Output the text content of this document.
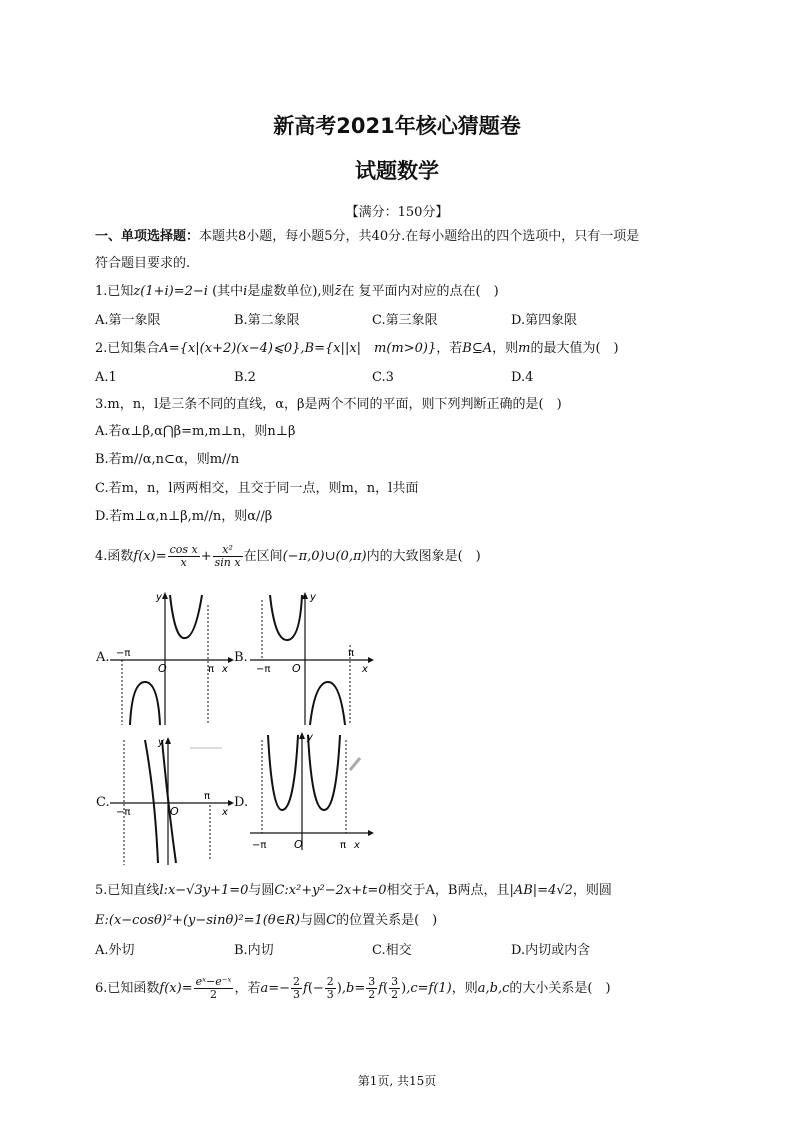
新高考2021年核心猜题卷
试题数学
【满分：150分】
一、单项选择题：本题共8小题，每小题5分，共40分.在每小题给出的四个选项中，只有一项是
符合题目要求的.
1.已知z(1+i)=2−i (其中i是虚数单位),则z̄在 复平面内对应的点在(　)
A.第一象限	B.第二象限	C.第三象限	D.第四象限
2.已知集合A={x|(x+2)(x−4)⩽0},B={x||x|　m(m>0)}，若B⊆A，则m的最大值为(　)
A.1	B.2	C.3	D.4
3.m，n，l是三条不同的直线，α，β是两个不同的平面，则下列判断正确的是(　)
A.若α⊥β,α⋂β=m,m⊥n，则n⊥β
B.若m//α,n⊂α，则m//n
C.若m，n，l两两相交，且交于同一点，则m，n，l共面
D.若m⊥α,n⊥β,m//n，则α//β
4.函数$f(x)= \frac{\text{cos x}}{x} + \frac{\text{x²}}{\text{sin x}}$ 在区间(−π,0)∪(0,π)内的大致图象是(　)
A.	B.
C.	D.
−π
O	π x
y
−π O
π
x
y
−π	O
π
x
y
−π	O	π x
y
5.已知直线l:x−√3y+1=0与圆C:x²+y²−2x+t=0相交于A，B两点，且|AB|=4√2，则圆
E:(x−cosθ)²+(y−sinθ)²=1(θ∈R)与圆C的位置关系是(　)
A.外切	B.内切	C.相交	D.内切或内含
6.已知函数$f(x)= \frac{\text{eˣ−e⁻ˣ}}{2}$ ，若$a=- \frac{2}{3} f(- \frac{2}{3} ),b= \frac{3}{2} f( \frac{3}{2} ),c=f(1)$，则a,b,c的大小关系是(　)
第1页, 共15页
